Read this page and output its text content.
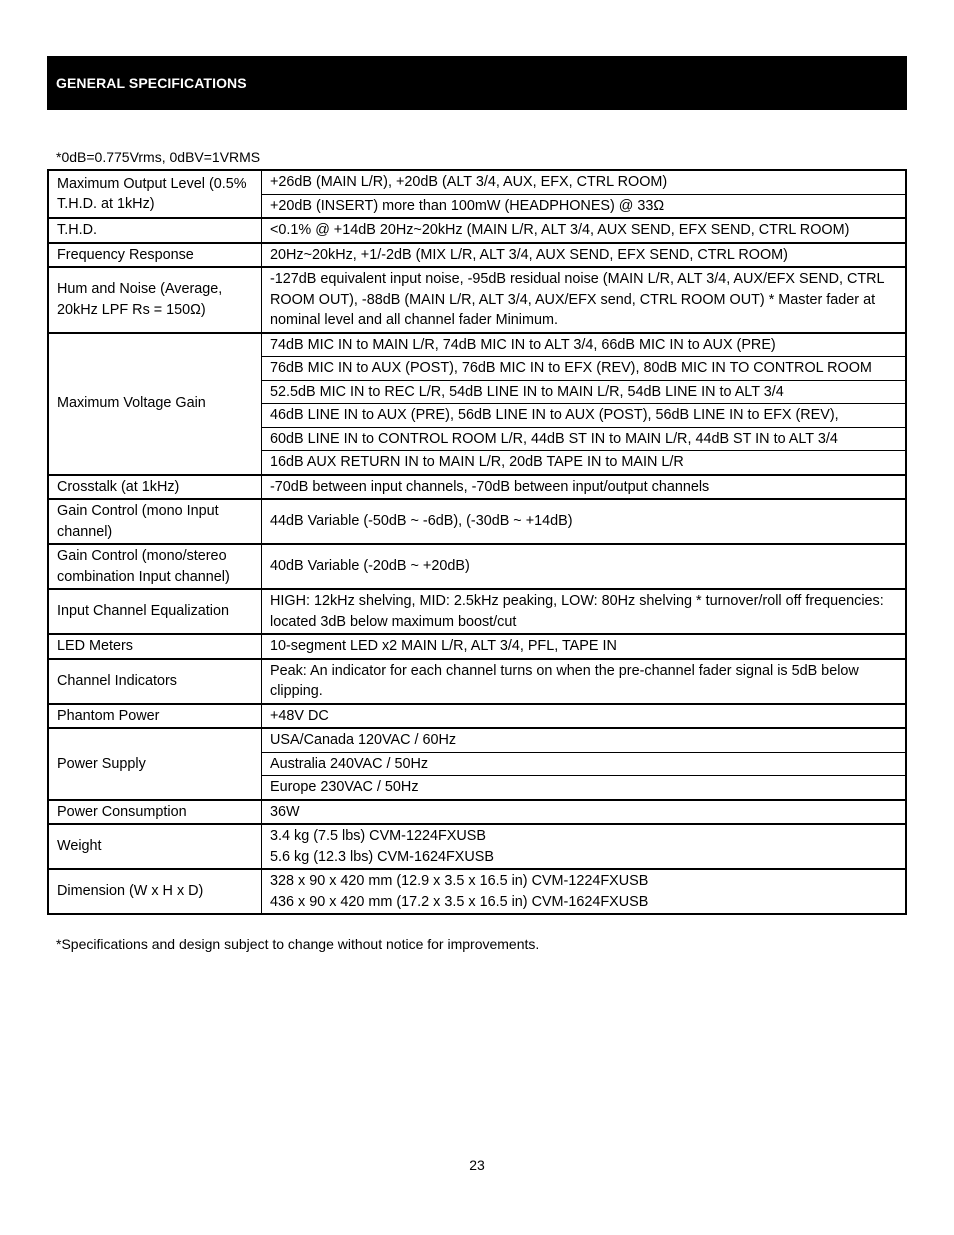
GENERAL SPECIFICATIONS
*0dB=0.775Vrms, 0dBV=1VRMS
Maximum Output Level (0.5% T.H.D. at 1kHz)	+26dB (MAIN L/R), +20dB (ALT 3/4, AUX, EFX, CTRL ROOM)
	+20dB (INSERT) more than 100mW (HEADPHONES) @ 33Ω
T.H.D.	<0.1% @ +14dB 20Hz~20kHz (MAIN L/R, ALT 3/4, AUX SEND, EFX SEND, CTRL ROOM)
Frequency Response	20Hz~20kHz, +1/-2dB (MIX L/R, ALT 3/4, AUX SEND, EFX SEND, CTRL ROOM)
Hum and Noise (Average, 20kHz LPF Rs = 150Ω)	-127dB equivalent input noise, -95dB residual noise (MAIN L/R, ALT 3/4, AUX/EFX SEND, CTRL ROOM OUT), -88dB (MAIN L/R, ALT 3/4, AUX/EFX send, CTRL ROOM OUT) * Master fader at nominal level and all channel fader Minimum.
Maximum Voltage Gain	74dB MIC IN to MAIN L/R, 74dB MIC IN to ALT 3/4, 66dB MIC IN to AUX (PRE)
	76dB MIC IN to AUX (POST), 76dB MIC IN to EFX (REV), 80dB MIC IN TO CONTROL ROOM
	52.5dB MIC IN to REC L/R, 54dB LINE IN to MAIN L/R, 54dB LINE IN to ALT 3/4
	46dB LINE IN to AUX (PRE), 56dB LINE IN to AUX (POST), 56dB LINE IN to EFX (REV),
	60dB LINE IN to CONTROL ROOM L/R, 44dB ST IN to MAIN L/R, 44dB ST IN to ALT 3/4
	16dB AUX RETURN IN to MAIN L/R, 20dB TAPE IN to MAIN L/R
Crosstalk (at 1kHz)	-70dB between input channels, -70dB between input/output channels
Gain Control (mono Input channel)	44dB Variable (-50dB ~ -6dB), (-30dB ~ +14dB)
Gain Control (mono/stereo combination Input channel)	40dB Variable (-20dB ~ +20dB)
Input Channel Equalization	HIGH: 12kHz shelving, MID: 2.5kHz peaking, LOW: 80Hz shelving * turnover/roll off frequencies: located 3dB below maximum boost/cut
LED Meters	10-segment LED x2 MAIN L/R, ALT 3/4, PFL, TAPE IN
Channel Indicators	Peak: An indicator for each channel turns on when the pre-channel fader signal is 5dB below clipping.
Phantom Power	+48V DC
Power Supply	USA/Canada 120VAC / 60Hz
	Australia 240VAC / 50Hz
	Europe 230VAC / 50Hz
Power Consumption	36W
Weight	3.4 kg (7.5 lbs) CVM-1224FXUSB
5.6 kg (12.3 lbs) CVM-1624FXUSB
Dimension (W x H x D)	328 x 90 x 420 mm (12.9 x 3.5 x 16.5 in) CVM-1224FXUSB
436 x 90 x 420 mm (17.2 x 3.5 x 16.5 in) CVM-1624FXUSB
*Specifications and design subject to change without notice for improvements.
23
